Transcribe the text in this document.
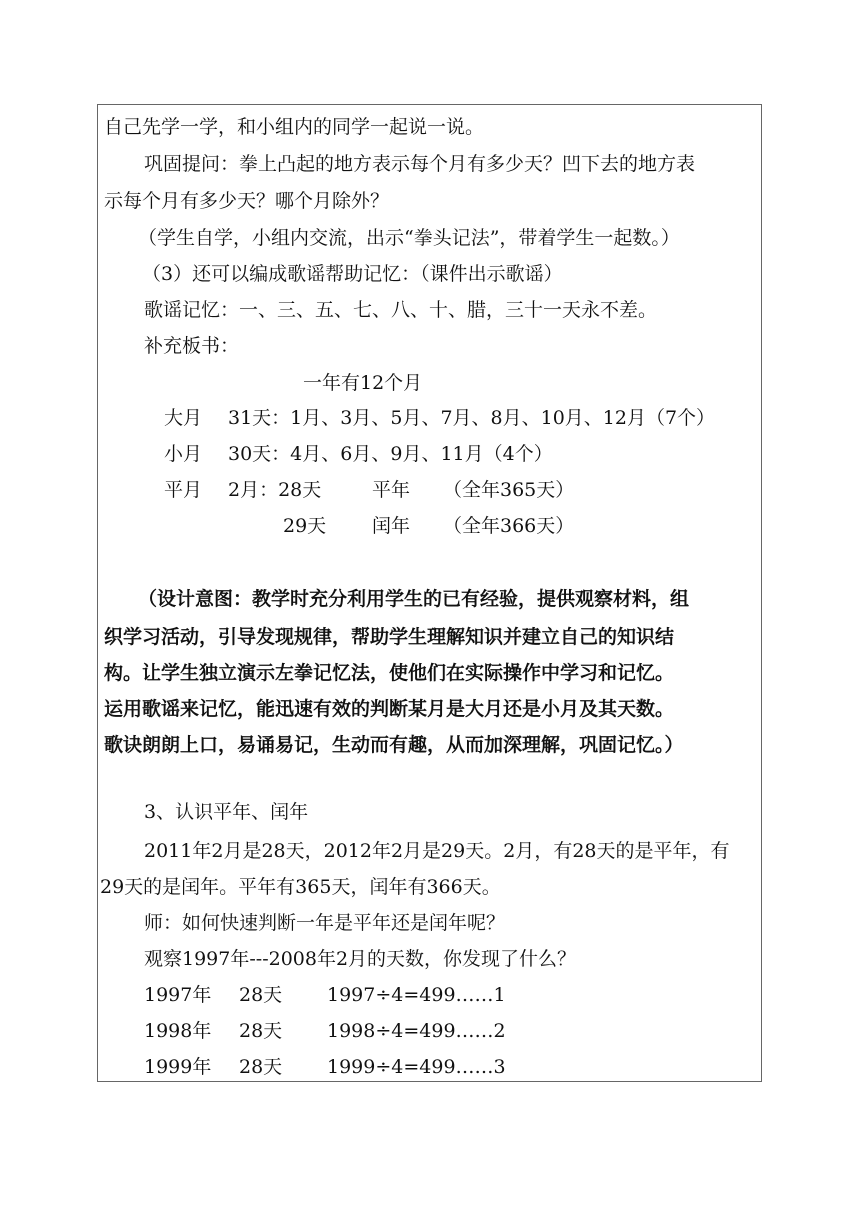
自己先学一学，和小组内的同学一起说一说。
巩固提问：拳上凸起的地方表示每个月有多少天？凹下去的地方表
示每个月有多少天？哪个月除外？
（学生自学，小组内交流，出示“拳头记法”，带着学生一起数。）
（3）还可以编成歌谣帮助记忆：（课件出示歌谣）
歌谣记忆：一、三、五、七、八、十、腊，三十一天永不差。
补充板书：
一年有12个月
大月 31天：1月、3月、5月、7月、8月、10月、12月（7个）
小月 30天：4月、6月、9月、11月（4个）
平月 2月：28天	平年 （全年365天）
29天 闰年 （全年366天）
（设计意图：教学时充分利用学生的已有经验，提供观察材料，组
织学习活动，引导发现规律，帮助学生理解知识并建立自己的知识结
构。让学生独立演示左拳记忆法，使他们在实际操作中学习和记忆。
运用歌谣来记忆，能迅速有效的判断某月是大月还是小月及其天数。
歌诀朗朗上口，易诵易记，生动而有趣，从而加深理解，巩固记忆。）
3、认识平年、闰年
2011年2月是28天，2012年2月是29天。2月，有28天的是平年，有
29天的是闰年。平年有365天，闰年有366天。
师：如何快速判断一年是平年还是闰年呢？
观察1997年---2008年2月的天数，你发现了什么？
1997年 28天 1997÷4=499……1
1998年 28天 1998÷4=499……2
1999年 28天 1999÷4=499……3
